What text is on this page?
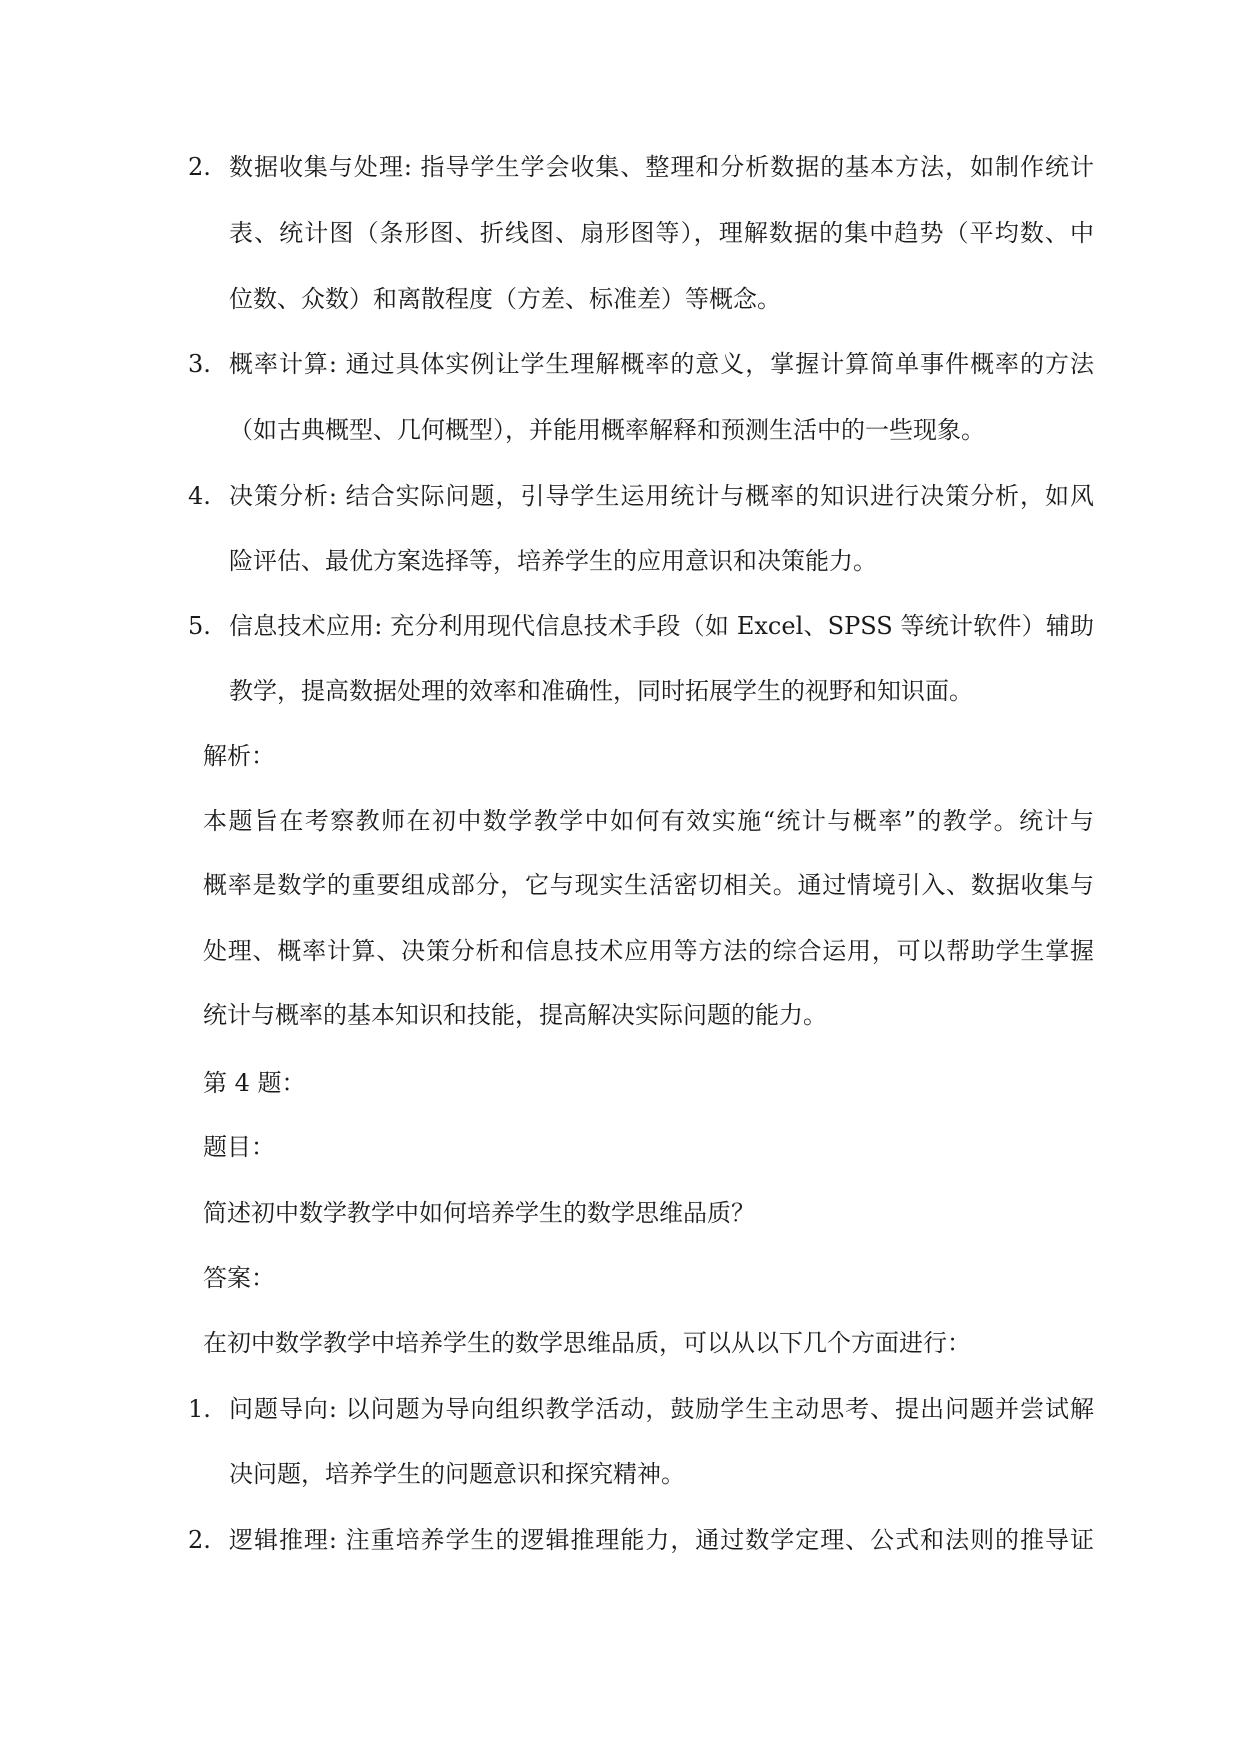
2. 数据收集与处理: 指导学生学会收集、整理和分析数据的基本方法，如制作统计
表、统计图（条形图、折线图、扇形图等），理解数据的集中趋势（平均数、中
位数、众数）和离散程度（方差、标准差）等概念。
3. 概率计算: 通过具体实例让学生理解概率的意义，掌握计算简单事件概率的方法
（如古典概型、几何概型），并能用概率解释和预测生活中的一些现象。
4. 决策分析: 结合实际问题，引导学生运用统计与概率的知识进行决策分析，如风
险评估、最优方案选择等，培养学生的应用意识和决策能力。
5. 信息技术应用: 充分利用现代信息技术手段（如 Excel、SPSS 等统计软件）辅助
教学，提高数据处理的效率和准确性，同时拓展学生的视野和知识面。
解析：
本题旨在考察教师在初中数学教学中如何有效实施“统计与概率”的教学。统计与
概率是数学的重要组成部分，它与现实生活密切相关。通过情境引入、数据收集与
处理、概率计算、决策分析和信息技术应用等方法的综合运用，可以帮助学生掌握
统计与概率的基本知识和技能，提高解决实际问题的能力。
第 4 题：
题目：
简述初中数学教学中如何培养学生的数学思维品质？
答案：
在初中数学教学中培养学生的数学思维品质，可以从以下几个方面进行：
1. 问题导向: 以问题为导向组织教学活动，鼓励学生主动思考、提出问题并尝试解
决问题，培养学生的问题意识和探究精神。
2. 逻辑推理: 注重培养学生的逻辑推理能力，通过数学定理、公式和法则的推导证
